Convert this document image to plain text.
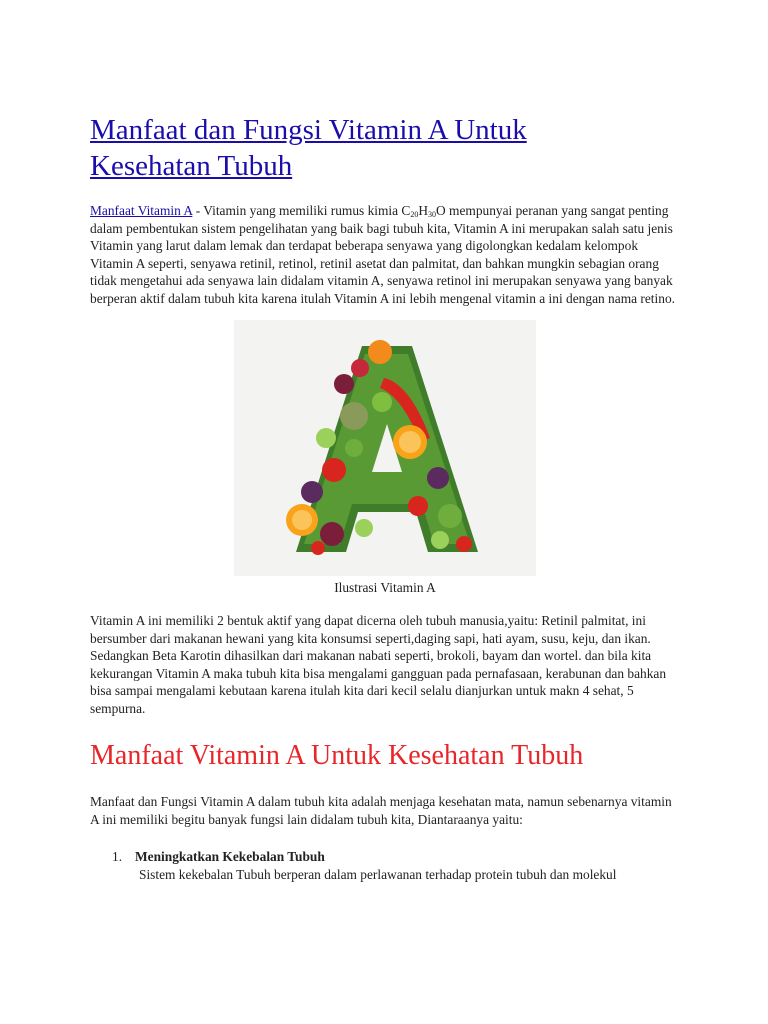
Manfaat dan Fungsi Vitamin A Untuk
Kesehatan Tubuh

Manfaat Vitamin A - Vitamin yang memiliki rumus kimia $C_{20}H_{30}O$ mempunyai peranan yang sangat penting dalam pembentukan sistem pengelihatan yang baik bagi tubuh kita, Vitamin A ini merupakan salah satu jenis Vitamin yang larut dalam lemak dan terdapat beberapa senyawa yang digolongkan kedalam kelompok Vitamin A seperti, senyawa retinil, retinol, retinil asetat dan palmitat, dan bahkan mungkin sebagian orang tidak mengetahui ada senyawa lain didalam vitamin A, senyawa retinol ini merupakan senyawa yang banyak berperan aktif dalam tubuh kita karena itulah Vitamin A ini lebih mengenal vitamin a ini dengan nama retino.

Ilustrasi Vitamin A

Vitamin A ini memiliki 2 bentuk aktif yang dapat dicerna oleh tubuh manusia,yaitu: Retinil palmitat, ini bersumber dari makanan hewani yang kita konsumsi seperti,daging sapi, hati ayam, susu, keju, dan ikan. Sedangkan Beta Karotin dihasilkan dari makanan nabati seperti, brokoli, bayam dan wortel. dan bila kita kekurangan Vitamin A maka tubuh kita bisa mengalami gangguan pada pernafasaan, kerabunan dan bahkan bisa sampai mengalami kebutaan karena itulah kita dari kecil selalu dianjurkan untuk makn 4 sehat, 5 sempurna.

Manfaat Vitamin A Untuk Kesehatan Tubuh

Manfaat dan Fungsi Vitamin A dalam tubuh kita adalah menjaga kesehatan mata, namun sebenarnya vitamin A ini memiliki begitu banyak fungsi lain didalam tubuh kita, Diantaraanya yaitu:

1. Meningkatkan Kekebalan Tubuh
Sistem kekebalan Tubuh berperan dalam perlawanan terhadap protein tubuh dan molekul
